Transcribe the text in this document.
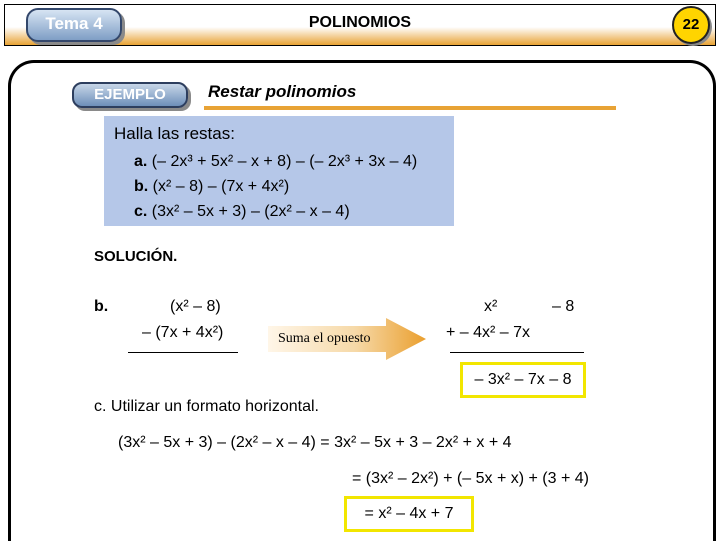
Tema 4	POLINOMIOS	22
EJEMPLO	Restar polinomios
Halla las restas:
a. (– 2x³ + 5x² – x + 8) – (– 2x³ + 3x – 4)
b. (x² – 8) – (7x + 4x²)
c. (3x² – 5x + 3) – (2x² – x – 4)
SOLUCIÓN.
b.	(x² – 8)
– (7x + 4x²)	Suma el opuesto
x²	– 8
+ – 4x² – 7x
– 3x² – 7x – 8
c. Utilizar un formato horizontal.
(3x² – 5x + 3) – (2x² – x – 4) = 3x² – 5x + 3 – 2x² + x + 4
= (3x² – 2x²) + (– 5x + x) + (3 + 4)
= x² – 4x + 7
